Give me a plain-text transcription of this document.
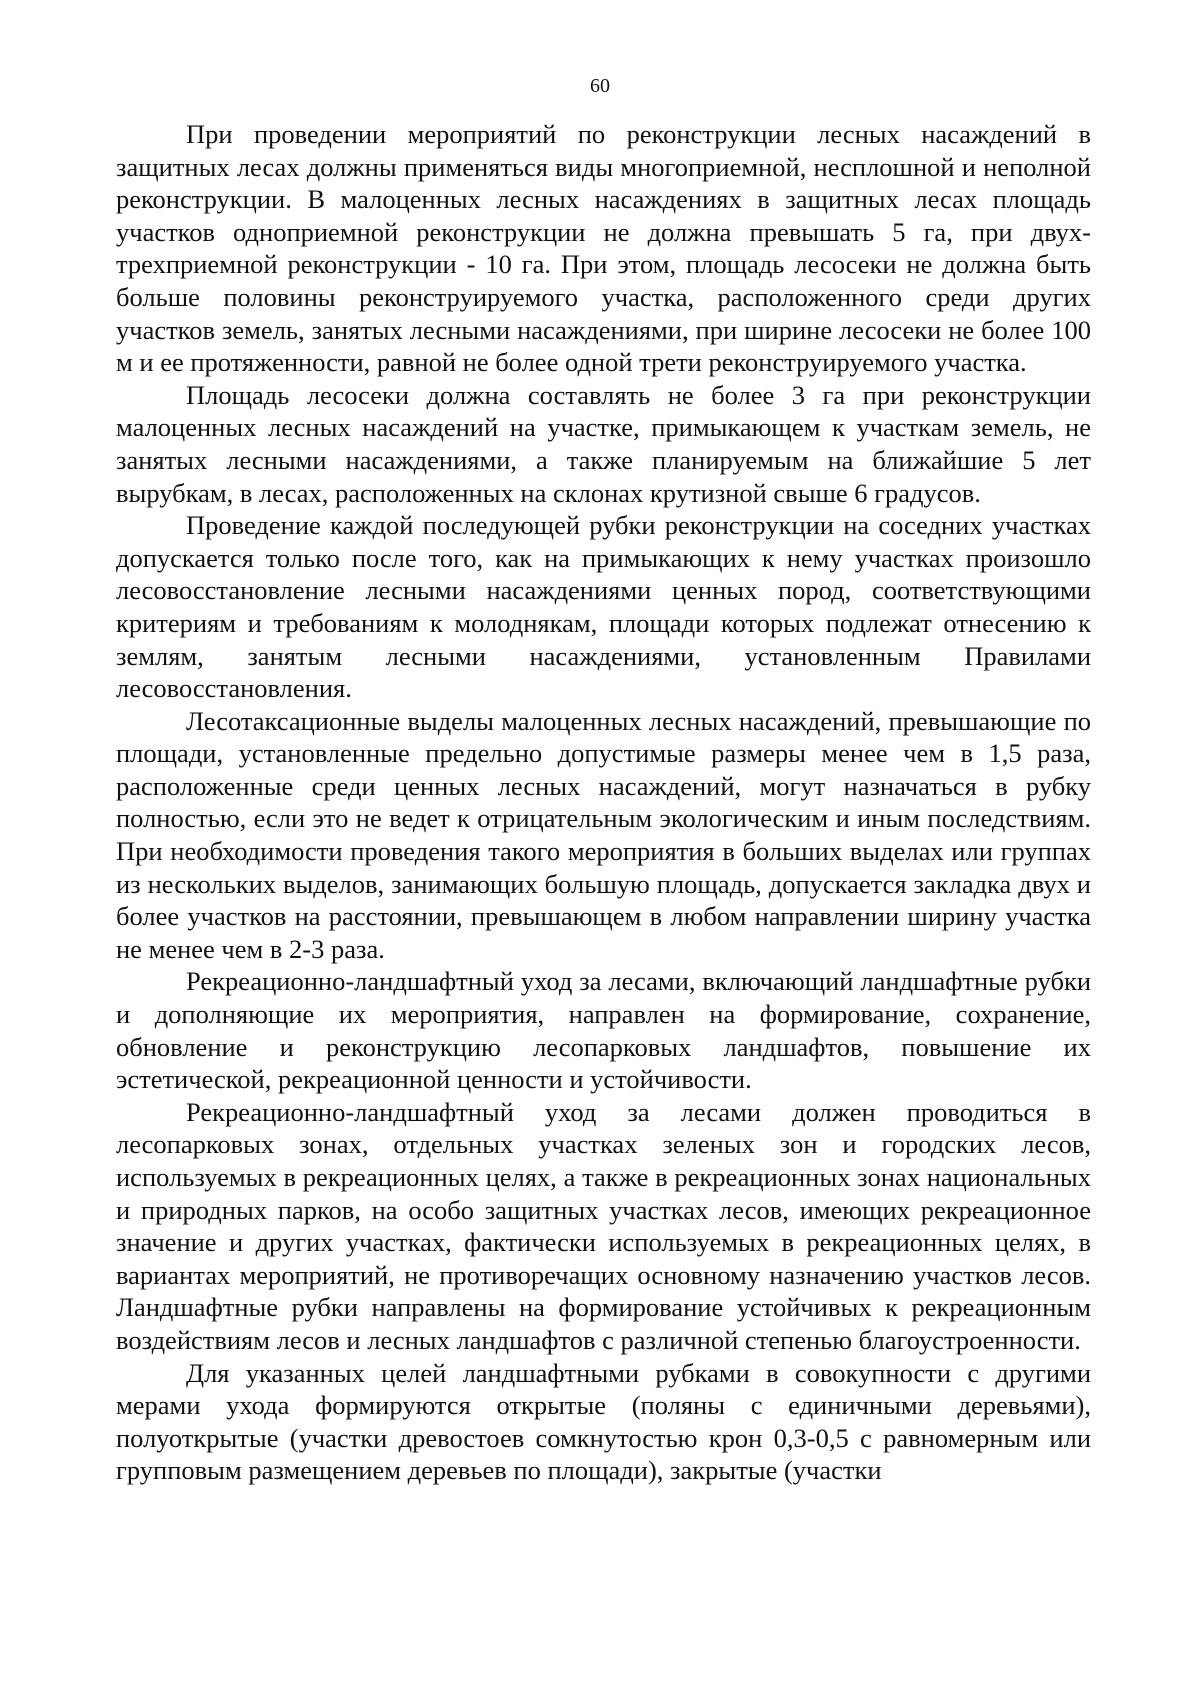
60

При проведении мероприятий по реконструкции лесных насаждений в защитных лесах должны применяться виды многоприемной, несплошной и неполной реконструкции. В малоценных лесных насаждениях в защитных лесах площадь участков одноприемной реконструкции не должна превышать 5 га, при двух-трехприемной реконструкции - 10 га. При этом, площадь лесосеки не должна быть больше половины реконструируемого участка, расположенного среди других участков земель, занятых лесными насаждениями, при ширине лесосеки не более 100 м и ее протяженности, равной не более одной трети реконструируемого участка.

Площадь лесосеки должна составлять не более 3 га при реконструкции малоценных лесных насаждений на участке, примыкающем к участкам земель, не занятых лесными насаждениями, а также планируемым на ближайшие 5 лет вырубкам, в лесах, расположенных на склонах крутизной свыше 6 градусов.

Проведение каждой последующей рубки реконструкции на соседних участках допускается только после того, как на примыкающих к нему участках произошло лесовосстановление лесными насаждениями ценных пород, соответствующими критериям и требованиям к молоднякам, площади которых подлежат отнесению к землям, занятым лесными насаждениями, установленным Правилами лесовосстановления.

Лесотаксационные выделы малоценных лесных насаждений, превышающие по площади, установленные предельно допустимые размеры менее чем в 1,5 раза, расположенные среди ценных лесных насаждений, могут назначаться в рубку полностью, если это не ведет к отрицательным экологическим и иным последствиям. При необходимости проведения такого мероприятия в больших выделах или группах из нескольких выделов, занимающих большую площадь, допускается закладка двух и более участков на расстоянии, превышающем в любом направлении ширину участка не менее чем в 2-3 раза.

Рекреационно-ландшафтный уход за лесами, включающий ландшафтные рубки и дополняющие их мероприятия, направлен на формирование, сохранение, обновление и реконструкцию лесопарковых ландшафтов, повышение их эстетической, рекреационной ценности и устойчивости.

Рекреационно-ландшафтный уход за лесами должен проводиться в лесопарковых зонах, отдельных участках зеленых зон и городских лесов, используемых в рекреационных целях, а также в рекреационных зонах национальных и природных парков, на особо защитных участках лесов, имеющих рекреационное значение и других участках, фактически используемых в рекреационных целях, в вариантах мероприятий, не противоречащих основному назначению участков лесов. Ландшафтные рубки направлены на формирование устойчивых к рекреационным воздействиям лесов и лесных ландшафтов с различной степенью благоустроенности.

Для указанных целей ландшафтными рубками в совокупности с другими мерами ухода формируются открытые (поляны с единичными деревьями), полуоткрытые (участки древостоев сомкнутостью крон 0,3-0,5 с равномерным или групповым размещением деревьев по площади), закрытые (участки
